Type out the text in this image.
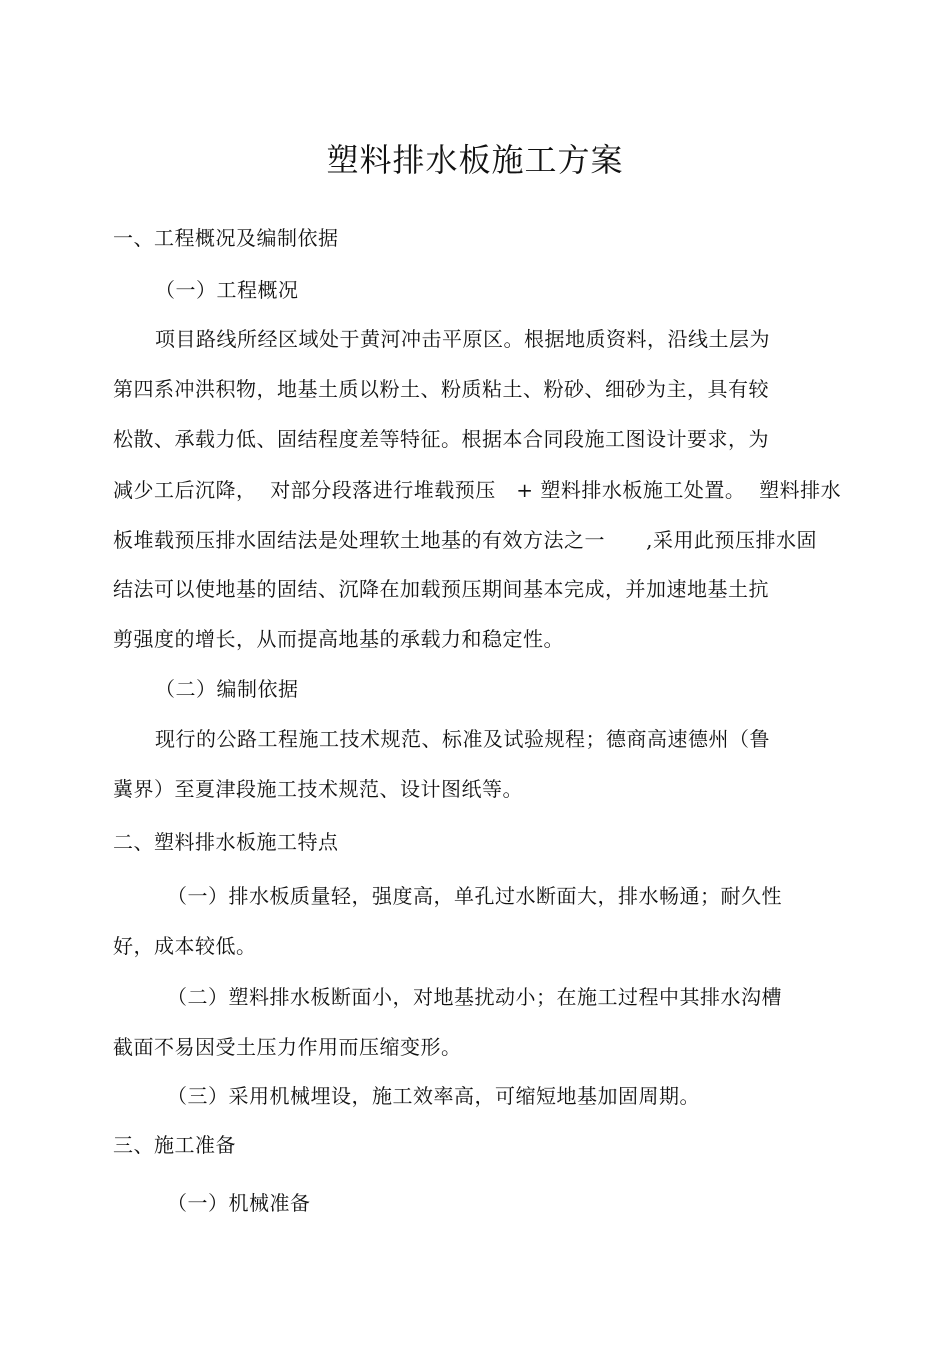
塑料排水板施工方案
一、工程概况及编制依据
（一）工程概况
项目路线所经区域处于黄河冲击平原区。根据地质资料，沿线土层为
第四系冲洪积物，地基土质以粉土、粉质粘土、粉砂、细砂为主，具有较
松散、承载力低、固结程度差等特征。根据本合同段施工图设计要求，为
减少工后沉降，  对部分段落进行堆载预压   + 塑料排水板施工处置。  塑料排水
板堆载预压排水固结法是处理软土地基的有效方法之一      ,采用此预压排水固
结法可以使地基的固结、沉降在加载预压期间基本完成，并加速地基土抗
剪强度的增长，从而提高地基的承载力和稳定性。
（二）编制依据
现行的公路工程施工技术规范、标准及试验规程；德商高速德州（鲁
冀界）至夏津段施工技术规范、设计图纸等。
二、塑料排水板施工特点
（一）排水板质量轻，强度高，单孔过水断面大，排水畅通；耐久性
好，成本较低。
（二）塑料排水板断面小，对地基扰动小；在施工过程中其排水沟槽
截面不易因受土压力作用而压缩变形。
（三）采用机械埋设，施工效率高，可缩短地基加固周期。
三、施工准备
（一）机械准备
